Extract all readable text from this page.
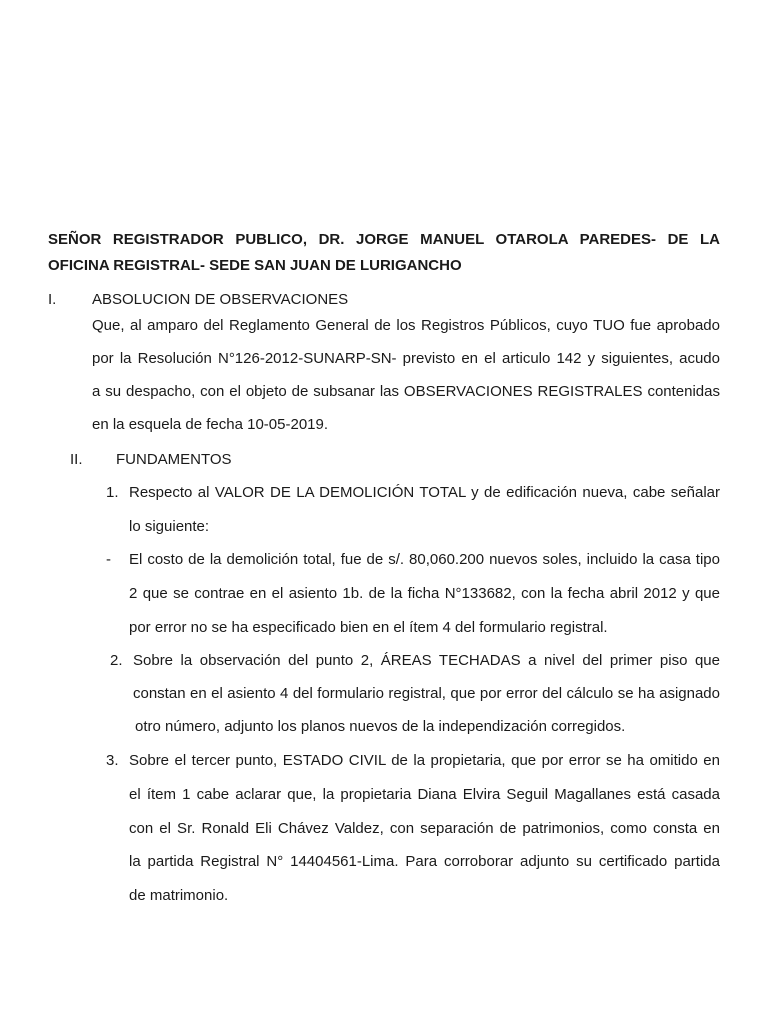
SEÑOR REGISTRADOR PUBLICO, DR. JORGE MANUEL OTAROLA PAREDES- DE LA
OFICINA REGISTRAL- SEDE SAN JUAN DE LURIGANCHO
I. ABSOLUCION DE OBSERVACIONES
Que, al amparo del Reglamento General de los Registros Públicos, cuyo TUO fue aprobado
por la Resolución N°126-2012-SUNARP-SN- previsto en el articulo 142 y siguientes, acudo
a su despacho, con el objeto de subsanar las OBSERVACIONES REGISTRALES contenidas
en la esquela de fecha 10-05-2019.
II. FUNDAMENTOS
1. Respecto al VALOR DE LA DEMOLICIÓN TOTAL y de edificación nueva, cabe señalar
lo siguiente:
- El costo de la demolición total, fue de s/. 80,060.200 nuevos soles, incluido la casa tipo
2 que se contrae en el asiento 1b. de la ficha N°133682, con la fecha abril 2012 y que
por error no se ha especificado bien en el ítem 4 del formulario registral.
2. Sobre la observación del punto 2, ÁREAS TECHADAS a nivel del primer piso que
constan en el asiento 4 del formulario registral, que por error del cálculo se ha asignado
otro número, adjunto los planos nuevos de la independización corregidos.
3. Sobre el tercer punto, ESTADO CIVIL de la propietaria, que por error se ha omitido en
el ítem 1 cabe aclarar que, la propietaria Diana Elvira Seguil Magallanes está casada
con el Sr. Ronald Eli Chávez Valdez, con separación de patrimonios, como consta en
la partida Registral N° 14404561-Lima. Para corroborar adjunto su certificado partida
de matrimonio.
